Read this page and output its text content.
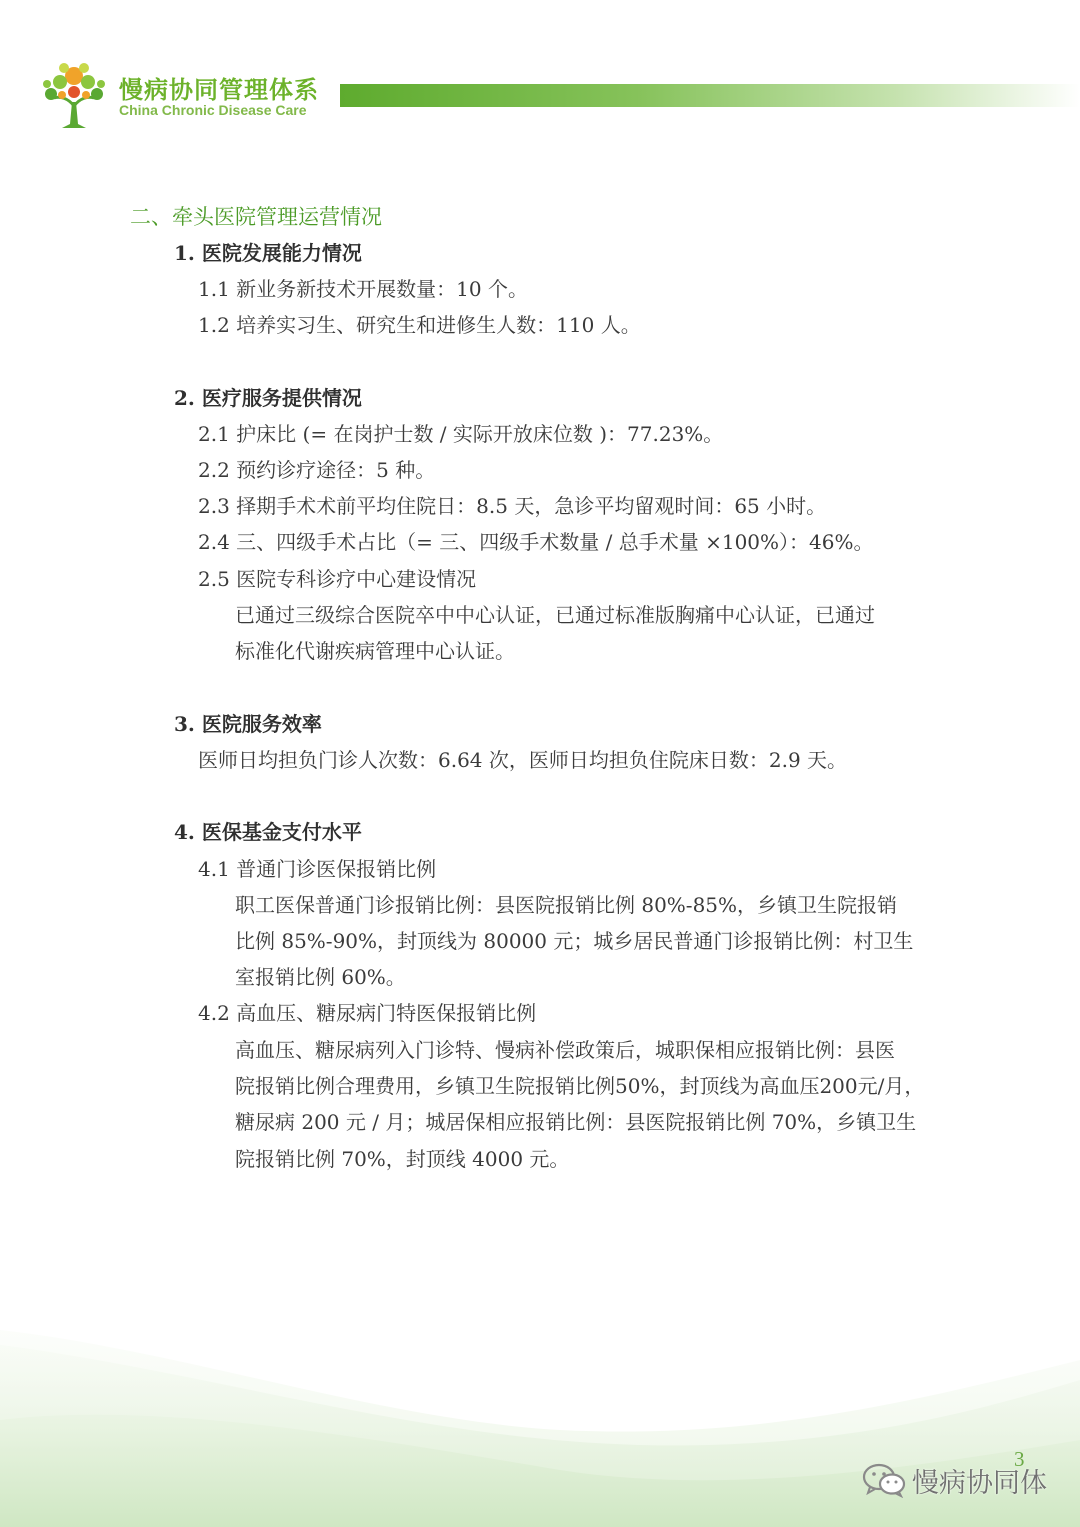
慢病协同管理体系
China Chronic Disease Care
二、牵头医院管理运营情况
1. 医院发展能力情况
1.1 新业务新技术开展数量：10 个。
1.2 培养实习生、研究生和进修生人数：110 人。
2. 医疗服务提供情况
2.1 护床比 (= 在岗护士数 / 实际开放床位数 )：77.23%。
2.2 预约诊疗途径：5 种。
2.3 择期手术术前平均住院日：8.5 天，急诊平均留观时间：65 小时。
2.4 三、四级手术占比（= 三、四级手术数量 / 总手术量 ×100%）：46%。
2.5 医院专科诊疗中心建设情况
已通过三级综合医院卒中中心认证，已通过标准版胸痛中心认证，已通过
标准化代谢疾病管理中心认证。
3. 医院服务效率
医师日均担负门诊人次数：6.64 次，医师日均担负住院床日数：2.9 天。
4. 医保基金支付水平
4.1 普通门诊医保报销比例
职工医保普通门诊报销比例：县医院报销比例 80%-85%，乡镇卫生院报销
比例 85%-90%，封顶线为 80000 元；城乡居民普通门诊报销比例：村卫生
室报销比例 60%。
4.2 高血压、糖尿病门特医保报销比例
高血压、糖尿病列入门诊特、慢病补偿政策后，城职保相应报销比例：县医
院报销比例合理费用，乡镇卫生院报销比例50%，封顶线为高血压200元/月，
糖尿病 200 元 / 月；城居保相应报销比例：县医院报销比例 70%，乡镇卫生
院报销比例 70%，封顶线 4000 元。
3
慢病协同体
